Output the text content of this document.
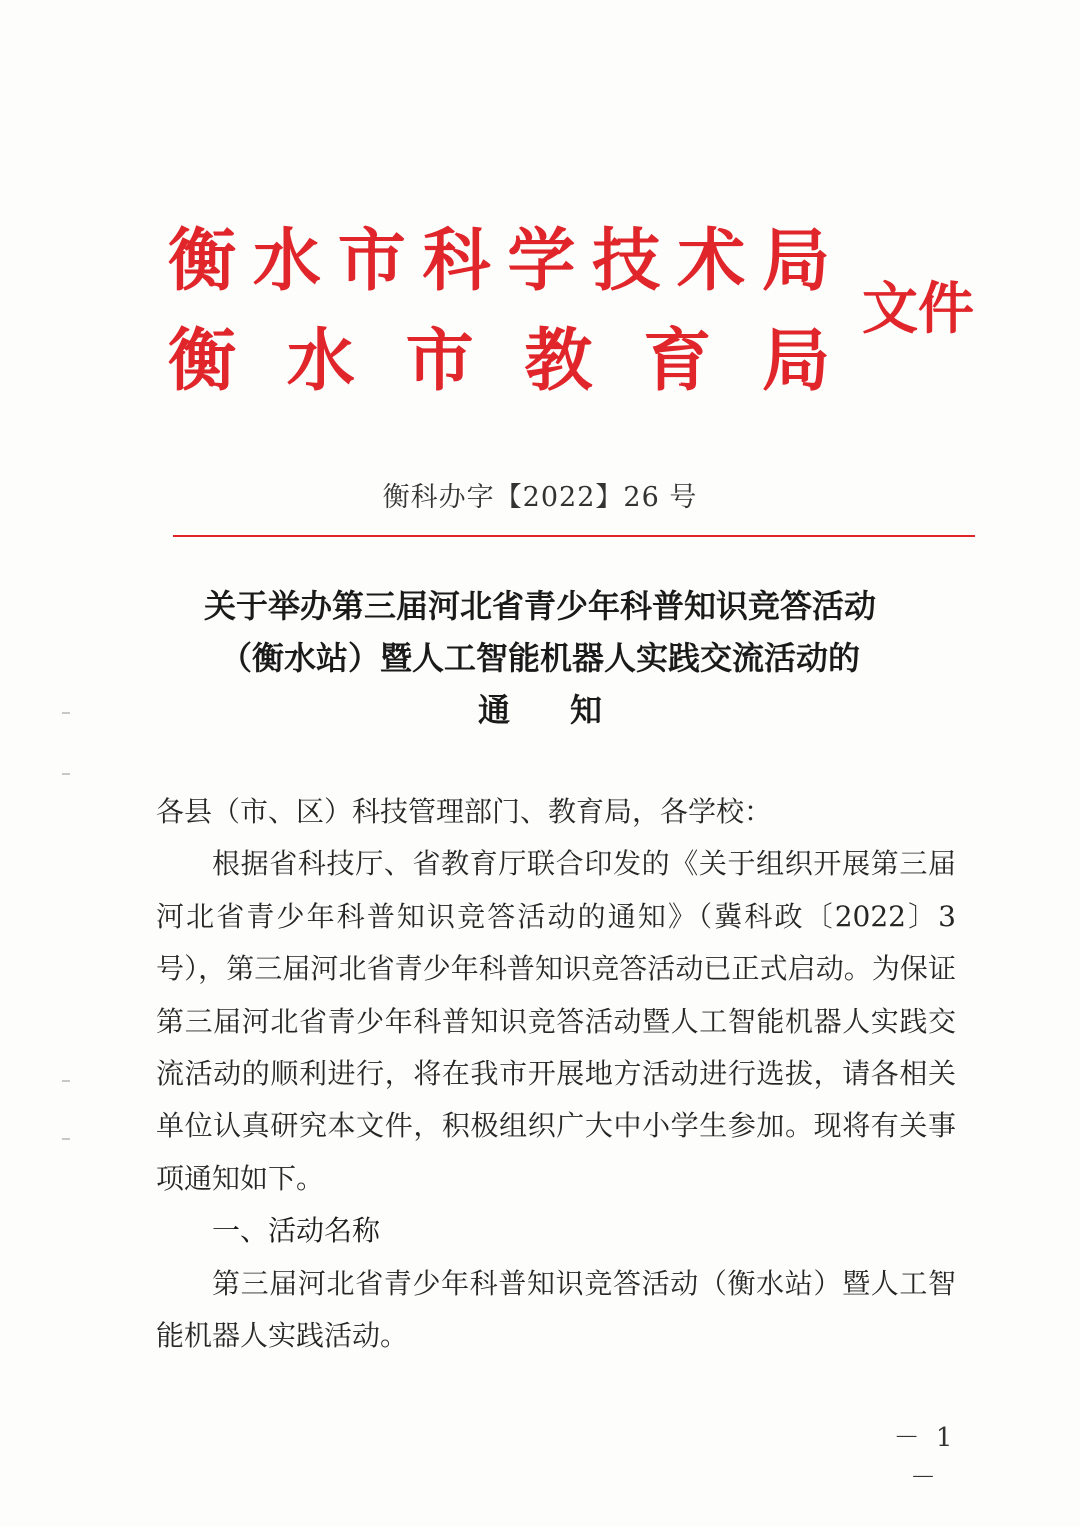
衡 水 市 科 学 技 术 局
衡 水 市 教 育 局
文件
衡科办字【2022】26 号
关于举办第三届河北省青少年科普知识竞答活动
（衡水站）暨人工智能机器人实践交流活动的
通知

各县（市、区）科技管理部门、教育局，各学校：

根据省科技厅、省教育厅联合印发的《关于组织开展第三届河北省青少年科普知识竞答活动的通知》（冀科政〔2022〕3 号），第三届河北省青少年科普知识竞答活动已正式启动。为保证第三届河北省青少年科普知识竞答活动暨人工智能机器人实践交流活动的顺利进行，将在我市开展地方活动进行选拔，请各相关单位认真研究本文件，积极组织广大中小学生参加。现将有关事项通知如下。

一、活动名称

第三届河北省青少年科普知识竞答活动（衡水站）暨人工智能机器人实践活动。

－ 1 －
